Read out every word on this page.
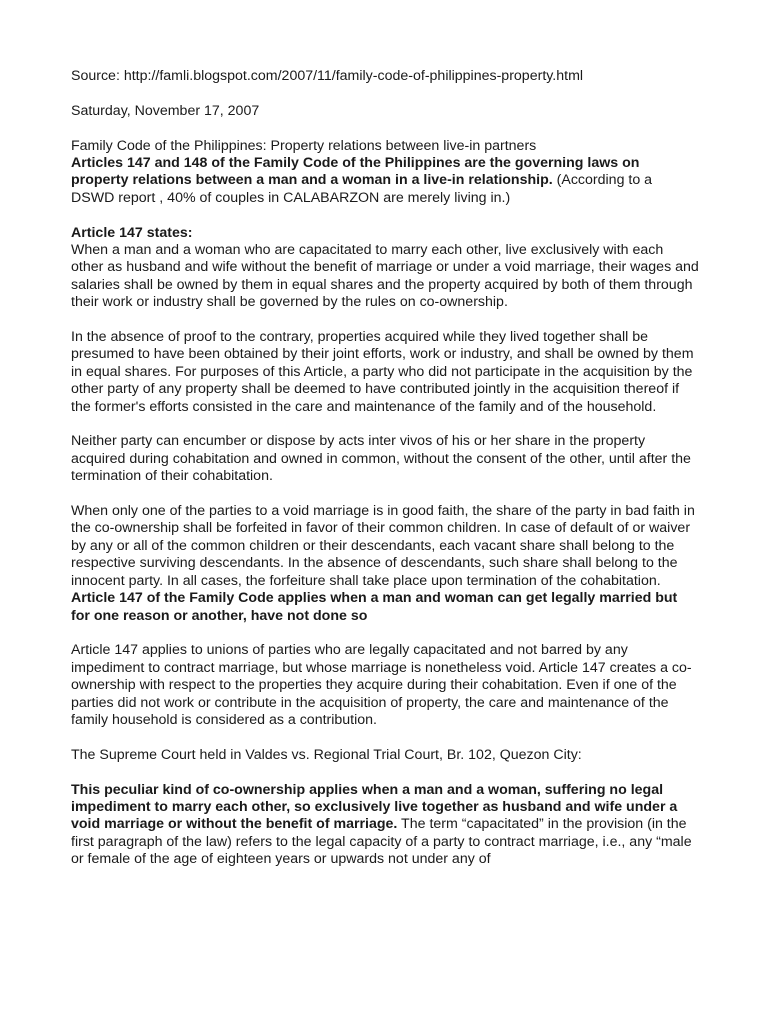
Source: http://famli.blogspot.com/2007/11/family-code-of-philippines-property.html

Saturday, November 17, 2007

Family Code of the Philippines: Property relations between live-in partners

Articles 147 and 148 of the Family Code of the Philippines are the governing laws on property relations between a man and a woman in a live-in relationship. (According to a DSWD report , 40% of couples in CALABARZON are merely living in.)

Article 147 states:

When a man and a woman who are capacitated to marry each other, live exclusively with each other as husband and wife without the benefit of marriage or under a void marriage, their wages and salaries shall be owned by them in equal shares and the property acquired by both of them through their work or industry shall be governed by the rules on co-ownership.

In the absence of proof to the contrary, properties acquired while they lived together shall be presumed to have been obtained by their joint efforts, work or industry, and shall be owned by them in equal shares. For purposes of this Article, a party who did not participate in the acquisition by the other party of any property shall be deemed to have contributed jointly in the acquisition thereof if the former's efforts consisted in the care and maintenance of the family and of the household.

Neither party can encumber or dispose by acts inter vivos of his or her share in the property acquired during cohabitation and owned in common, without the consent of the other, until after the termination of their cohabitation.

When only one of the parties to a void marriage is in good faith, the share of the party in bad faith in the co-ownership shall be forfeited in favor of their common children. In case of default of or waiver by any or all of the common children or their descendants, each vacant share shall belong to the respective surviving descendants. In the absence of descendants, such share shall belong to the innocent party. In all cases, the forfeiture shall take place upon termination of the cohabitation.

Article 147 of the Family Code applies when a man and woman can get legally married but for one reason or another, have not done so

Article 147 applies to unions of parties who are legally capacitated and not barred by any impediment to contract marriage, but whose marriage is nonetheless void. Article 147 creates a co-ownership with respect to the properties they acquire during their cohabitation. Even if one of the parties did not work or contribute in the acquisition of property, the care and maintenance of the family household is considered as a contribution.

The Supreme Court held in Valdes vs. Regional Trial Court, Br. 102, Quezon City:

This peculiar kind of co-ownership applies when a man and a woman, suffering no legal impediment to marry each other, so exclusively live together as husband and wife under a void marriage or without the benefit of marriage. The term “capacitated” in the provision (in the first paragraph of the law) refers to the legal capacity of a party to contract marriage, i.e., any “male or female of the age of eighteen years or upwards not under any of
